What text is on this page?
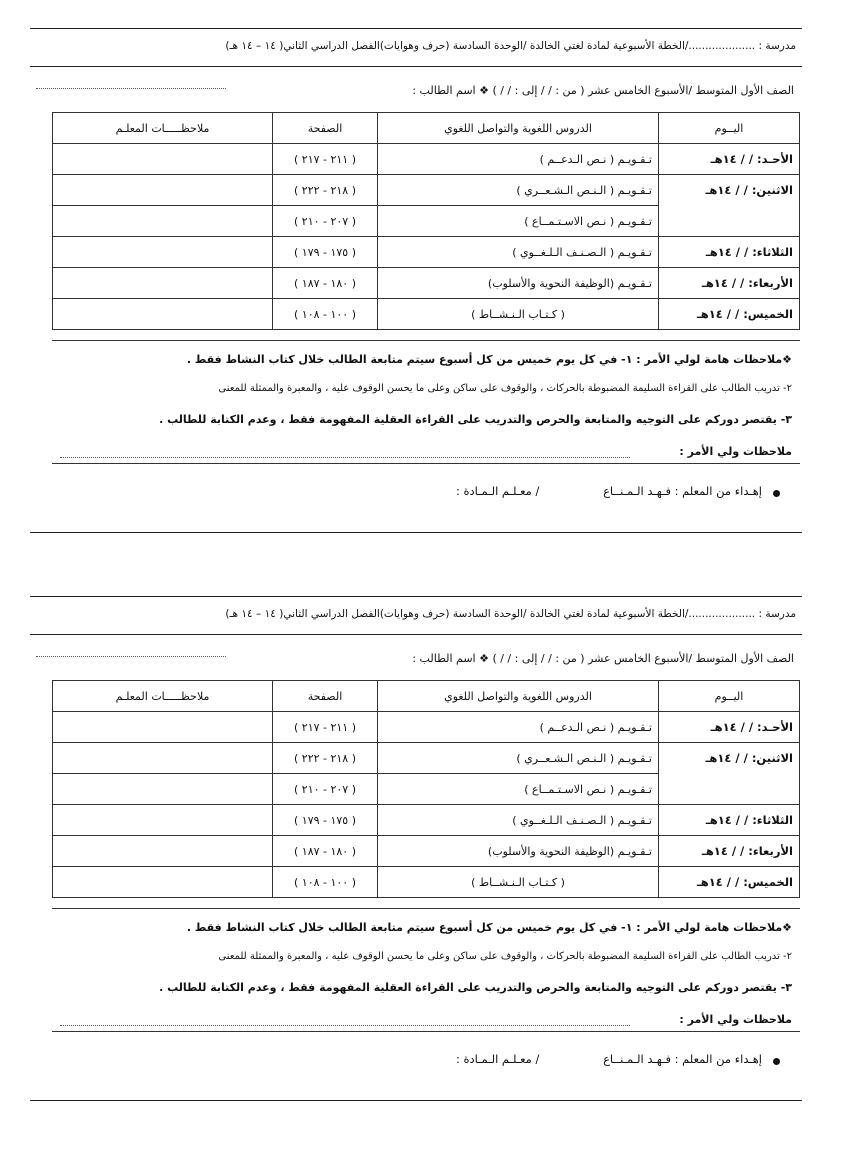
مدرسة : ..................../الخطة الأسبوعية لمادة لغتي الخالدة /الوحدة السادسة (حرف وهوايات)الفصل الدراسي الثاني( ١٤ – ١٤ هـ)
الصف الأول المتوسط /الأسبوع الخامس عشر ( من : / / إلى : / / ) ❖ اسم الطالب :
اليــوم	الدروس اللغوية والتواصل اللغوي	الصفحة	ملاحظـــــات المعلـم
الأحـد: / / ١٤هـ	تـقـويـم ( نـص الـدعــم )	( ٢١١ - ٢١٧ )	
الاثنين: / / ١٤هـ	تـقـويـم ( الـنـص الـشـعــري )	( ٢١٨ - ٢٢٢ )	
	تـقـويـم ( نـص الاسـتـمــاع )	( ٢٠٧ - ٢١٠ )	
الثلاثاء: / / ١٤هـ	تـقـويـم ( الـصـنـف الـلـغــوي )	( ١٧٥ - ١٧٩ )	
الأربعاء: / / ١٤هـ	تـقـويـم (الوظيفة النحوية والأسلوب)	( ١٨٠ - ١٨٧ )	
الخميس: / / ١٤هـ	( كـتـاب الـنـشــاط )	( ١٠٠ - ١٠٨ )	
❖ملاحظات هامة لولي الأمر : ١- في كل يوم خميس من كل أسبوع سيتم متابعة الطالب خلال كتاب النشاط فقط .
٢- تدريب الطالب على القراءة السليمة المضبوطة بالحركات ، والوقوف على ساكن وعلى ما يحسن الوقوف عليه ، والمعبرة والممثلة للمعنى
٣- يقتصر دوركم على التوجيه والمتابعة والحرص والتدريب على القراءة العقلية المفهومة فقط ، وعدم الكتابة للطالب .
ملاحظات ولي الأمر :
إهـداء من المعلم : فـهـد الـمـنــاع
/ معـلـم الـمـادة :
مدرسة : ..................../الخطة الأسبوعية لمادة لغتي الخالدة /الوحدة السادسة (حرف وهوايات)الفصل الدراسي الثاني( ١٤ – ١٤ هـ)
الصف الأول المتوسط /الأسبوع الخامس عشر ( من : / / إلى : / / ) ❖ اسم الطالب :
اليــوم	الدروس اللغوية والتواصل اللغوي	الصفحة	ملاحظـــــات المعلـم
الأحـد: / / ١٤هـ	تـقـويـم ( نـص الـدعــم )	( ٢١١ - ٢١٧ )	
الاثنين: / / ١٤هـ	تـقـويـم ( الـنـص الـشـعــري )	( ٢١٨ - ٢٢٢ )	
	تـقـويـم ( نـص الاسـتـمــاع )	( ٢٠٧ - ٢١٠ )	
الثلاثاء: / / ١٤هـ	تـقـويـم ( الـصـنـف الـلـغــوي )	( ١٧٥ - ١٧٩ )	
الأربعاء: / / ١٤هـ	تـقـويـم (الوظيفة النحوية والأسلوب)	( ١٨٠ - ١٨٧ )	
الخميس: / / ١٤هـ	( كـتـاب الـنـشــاط )	( ١٠٠ - ١٠٨ )	
❖ملاحظات هامة لولي الأمر : ١- في كل يوم خميس من كل أسبوع سيتم متابعة الطالب خلال كتاب النشاط فقط .
٢- تدريب الطالب على القراءة السليمة المضبوطة بالحركات ، والوقوف على ساكن وعلى ما يحسن الوقوف عليه ، والمعبرة والممثلة للمعنى
٣- يقتصر دوركم على التوجيه والمتابعة والحرص والتدريب على القراءة العقلية المفهومة فقط ، وعدم الكتابة للطالب .
ملاحظات ولي الأمر :
إهـداء من المعلم : فـهـد الـمـنــاع
/ معـلـم الـمـادة :
